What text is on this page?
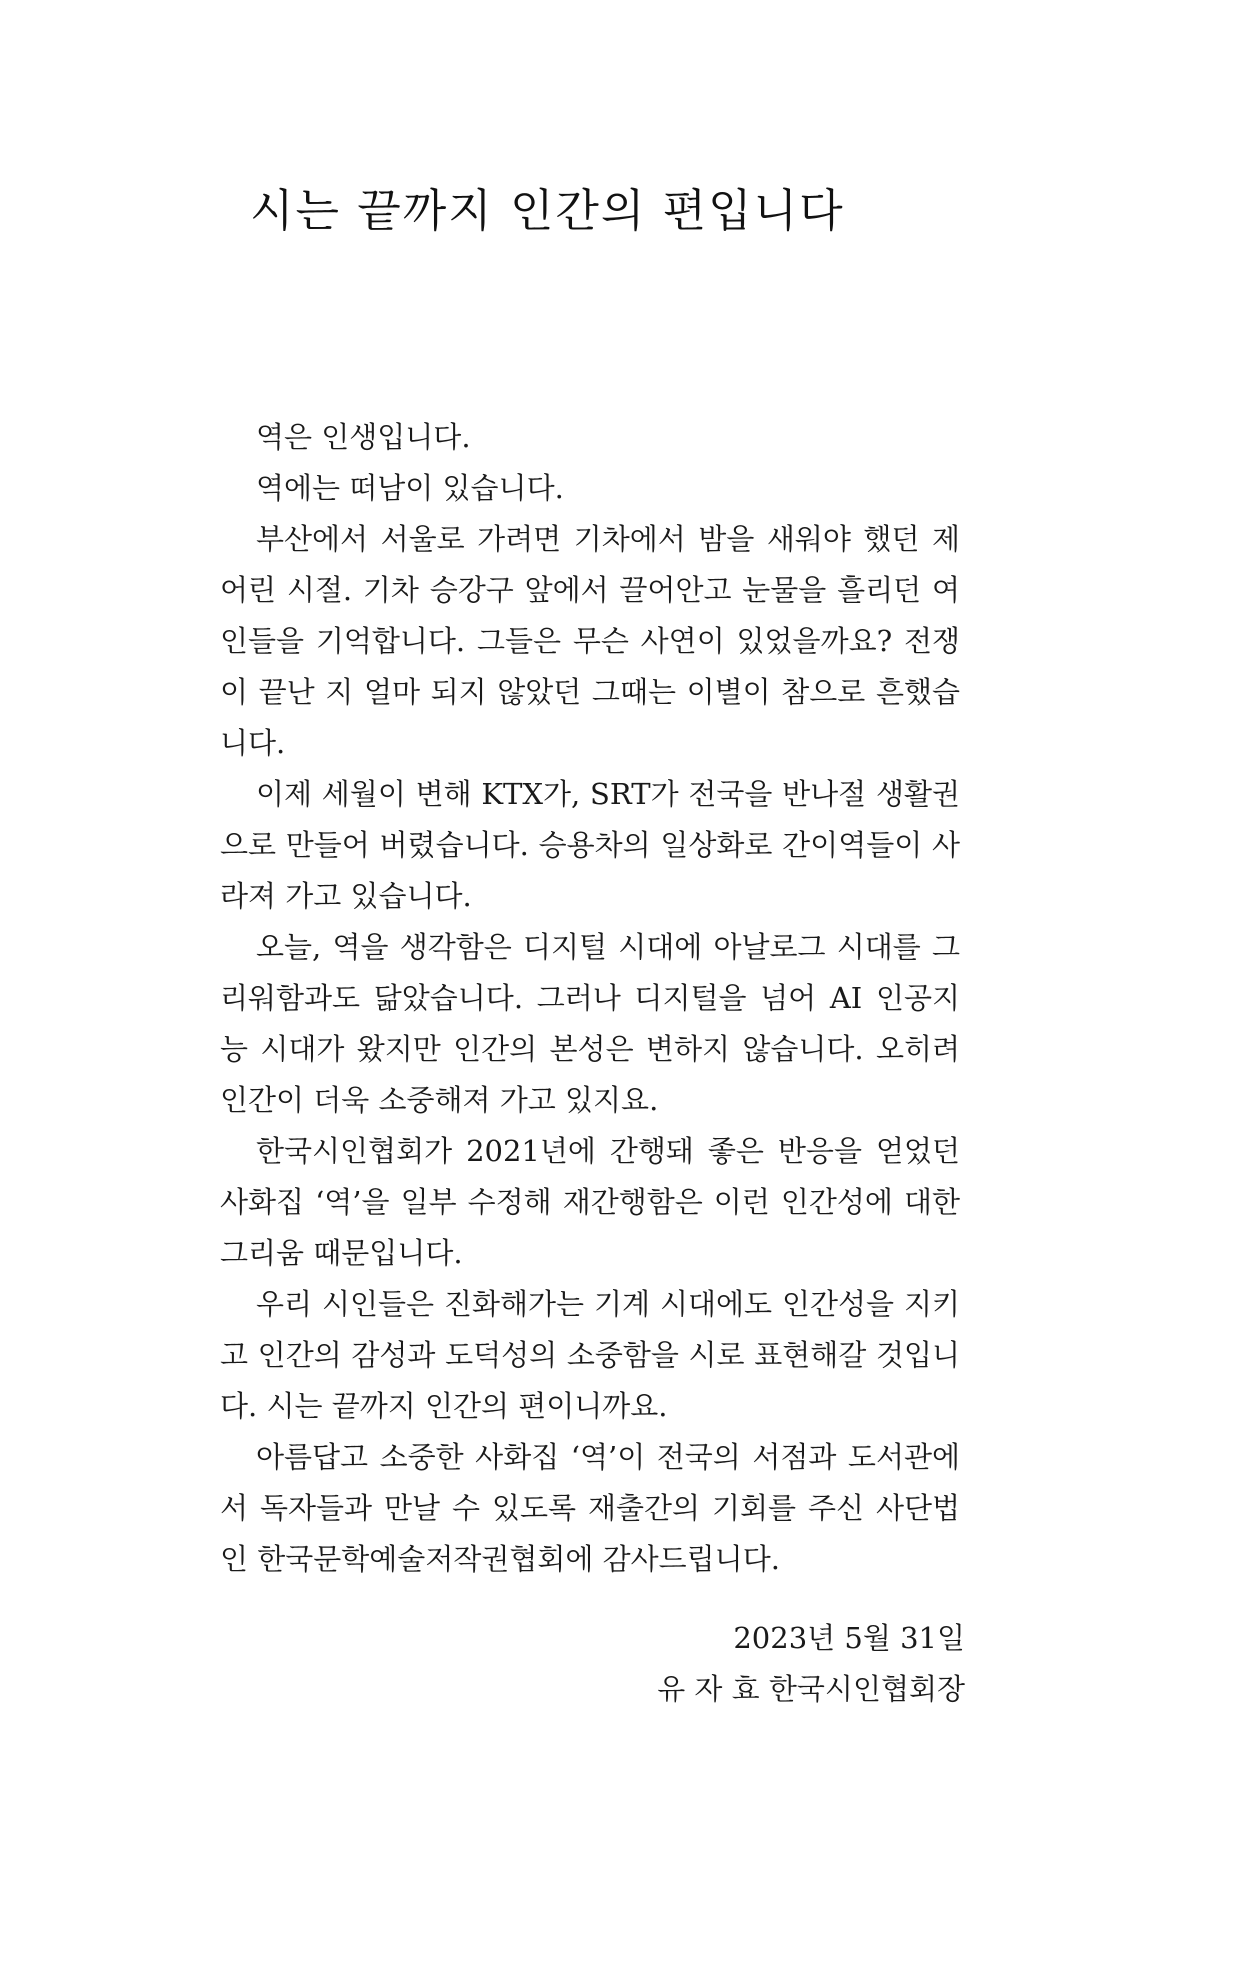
시는 끝까지 인간의 편입니다

역은 인생입니다.

역에는 떠남이 있습니다.

부산에서 서울로 가려면 기차에서 밤을 새워야 했던 제 어린 시절. 기차 승강구 앞에서 끌어안고 눈물을 흘리던 여인들을 기억합니다. 그들은 무슨 사연이 있었을까요? 전쟁이 끝난 지 얼마 되지 않았던 그때는 이별이 참으로 흔했습니다.

이제 세월이 변해 KTX가, SRT가 전국을 반나절 생활권으로 만들어 버렸습니다. 승용차의 일상화로 간이역들이 사라져 가고 있습니다.

오늘, 역을 생각함은 디지털 시대에 아날로그 시대를 그리워함과도 닮았습니다. 그러나 디지털을 넘어 AI 인공지능 시대가 왔지만 인간의 본성은 변하지 않습니다. 오히려 인간이 더욱 소중해져 가고 있지요.

한국시인협회가 2021년에 간행돼 좋은 반응을 얻었던 사화집 ‘역’을 일부 수정해 재간행함은 이런 인간성에 대한 그리움 때문입니다.

우리 시인들은 진화해가는 기계 시대에도 인간성을 지키고 인간의 감성과 도덕성의 소중함을 시로 표현해갈 것입니다. 시는 끝까지 인간의 편이니까요.

아름답고 소중한 사화집 ‘역’이 전국의 서점과 도서관에서 독자들과 만날 수 있도록 재출간의 기회를 주신 사단법인 한국문학예술저작권협회에 감사드립니다.

2023년 5월 31일
유 자 효 한국시인협회장
